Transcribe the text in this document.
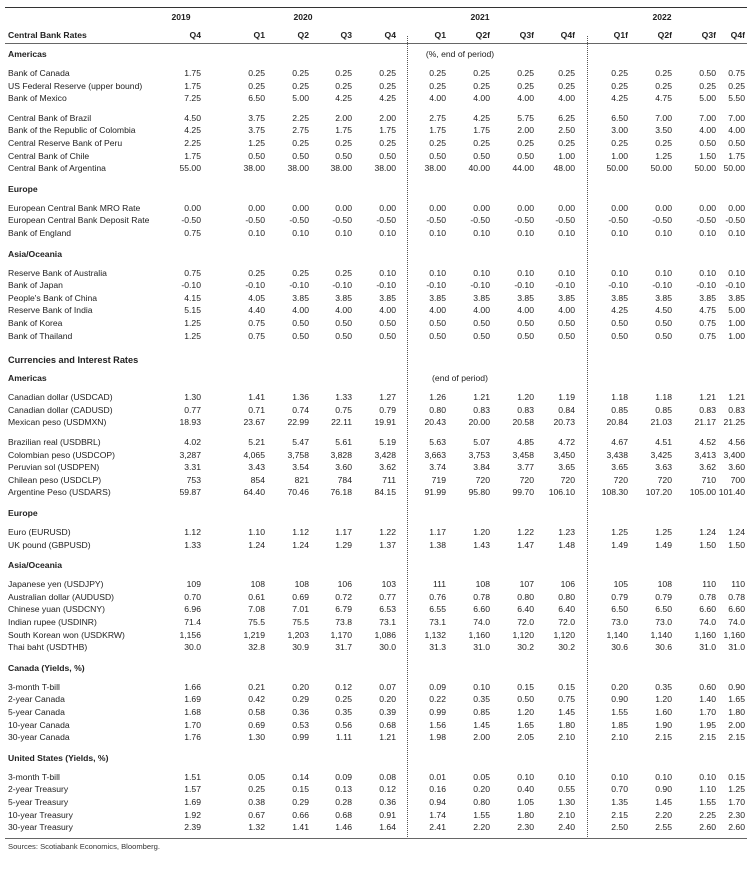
2019	2020	2021	2022
Central Bank Rates	Q4	Q1	Q2	Q3	Q4	Q1	Q2f	Q3f	Q4f	Q1f	Q2f	Q3f	Q4f
Americas	(%, end of period)
Bank of Canada	1.75	0.25	0.25	0.25	0.25	0.25	0.25	0.25	0.25	0.25	0.25	0.50	0.75
US Federal Reserve (upper bound)	1.75	0.25	0.25	0.25	0.25	0.25	0.25	0.25	0.25	0.25	0.25	0.25	0.25
Bank of Mexico	7.25	6.50	5.00	4.25	4.25	4.00	4.00	4.00	4.00	4.25	4.75	5.00	5.50
Central Bank of Brazil	4.50	3.75	2.25	2.00	2.00	2.75	4.25	5.75	6.25	6.50	7.00	7.00	7.00
Bank of the Republic of Colombia	4.25	3.75	2.75	1.75	1.75	1.75	1.75	2.00	2.50	3.00	3.50	4.00	4.00
Central Reserve Bank of Peru	2.25	1.25	0.25	0.25	0.25	0.25	0.25	0.25	0.25	0.25	0.25	0.50	0.50
Central Bank of Chile	1.75	0.50	0.50	0.50	0.50	0.50	0.50	0.50	1.00	1.00	1.25	1.50	1.75
Central Bank of Argentina	55.00	38.00	38.00	38.00	38.00	38.00	40.00	44.00	48.00	50.00	50.00	50.00 50.00
Europe
European Central Bank MRO Rate	0.00	0.00	0.00	0.00	0.00	0.00	0.00	0.00	0.00	0.00	0.00	0.00	0.00
European Central Bank Deposit Rate	-0.50	-0.50	-0.50	-0.50	-0.50	-0.50	-0.50	-0.50	-0.50	-0.50	-0.50	-0.50	-0.50
Bank of England	0.75	0.10	0.10	0.10	0.10	0.10	0.10	0.10	0.10	0.10	0.10	0.10	0.10
Asia/Oceania
Reserve Bank of Australia	0.75	0.25	0.25	0.25	0.10	0.10	0.10	0.10	0.10	0.10	0.10	0.10	0.10
Bank of Japan	-0.10	-0.10	-0.10	-0.10	-0.10	-0.10	-0.10	-0.10	-0.10	-0.10	-0.10	-0.10	-0.10
People's Bank of China	4.15	4.05	3.85	3.85	3.85	3.85	3.85	3.85	3.85	3.85	3.85	3.85	3.85
Reserve Bank of India	5.15	4.40	4.00	4.00	4.00	4.00	4.00	4.00	4.00	4.25	4.50	4.75	5.00
Bank of Korea	1.25	0.75	0.50	0.50	0.50	0.50	0.50	0.50	0.50	0.50	0.50	0.75	1.00
Bank of Thailand	1.25	0.75	0.50	0.50	0.50	0.50	0.50	0.50	0.50	0.50	0.50	0.75	1.00
Currencies and Interest Rates
Americas	(end of period)
Canadian dollar (USDCAD)	1.30	1.41	1.36	1.33	1.27	1.26	1.21	1.20	1.19	1.18	1.18	1.21	1.21
Canadian dollar (CADUSD)	0.77	0.71	0.74	0.75	0.79	0.80	0.83	0.83	0.84	0.85	0.85	0.83	0.83
Mexican peso (USDMXN)	18.93	23.67	22.99	22.11	19.91	20.43	20.00	20.58	20.73	20.84	21.03	21.17 21.25
Brazilian real (USDBRL)	4.02	5.21	5.47	5.61	5.19	5.63	5.07	4.85	4.72	4.67	4.51	4.52	4.56
Colombian peso (USDCOP)	3,287	4,065	3,758	3,828	3,428	3,663	3,753	3,458	3,450	3,438	3,425	3,413 3,400
Peruvian sol (USDPEN)	3.31	3.43	3.54	3.60	3.62	3.74	3.84	3.77	3.65	3.65	3.63	3.62	3.60
Chilean peso (USDCLP)	753	854	821	784	711	719	720	720	720	720	720	710	700
Argentine Peso (USDARS)	59.87	64.40	70.46	76.18	84.15	91.99	95.80	99.70	106.10	108.30	107.20	105.00 101.40
Europe
Euro (EURUSD)	1.12	1.10	1.12	1.17	1.22	1.17	1.20	1.22	1.23	1.25	1.25	1.24	1.24
UK pound (GBPUSD)	1.33	1.24	1.24	1.29	1.37	1.38	1.43	1.47	1.48	1.49	1.49	1.50	1.50
Asia/Oceania
Japanese yen (USDJPY)	109	108	108	106	103	111	108	107	106	105	108	110	110
Australian dollar (AUDUSD)	0.70	0.61	0.69	0.72	0.77	0.76	0.78	0.80	0.80	0.79	0.79	0.78	0.78
Chinese yuan (USDCNY)	6.96	7.08	7.01	6.79	6.53	6.55	6.60	6.40	6.40	6.50	6.50	6.60	6.60
Indian rupee (USDINR)	71.4	75.5	75.5	73.8	73.1	73.1	74.0	72.0	72.0	73.0	73.0	74.0	74.0
South Korean won (USDKRW)	1,156	1,219	1,203	1,170	1,086	1,132	1,160	1,120	1,120	1,140	1,140	1,160 1,160
Thai baht (USDTHB)	30.0	32.8	30.9	31.7	30.0	31.3	31.0	30.2	30.2	30.6	30.6	31.0	31.0
Canada (Yields, %)
3-month T-bill	1.66	0.21	0.20	0.12	0.07	0.09	0.10	0.15	0.15	0.20	0.35	0.60	0.90
2-year Canada	1.69	0.42	0.29	0.25	0.20	0.22	0.35	0.50	0.75	0.90	1.20	1.40	1.65
5-year Canada	1.68	0.58	0.36	0.35	0.39	0.99	0.85	1.20	1.45	1.55	1.60	1.70	1.80
10-year Canada	1.70	0.69	0.53	0.56	0.68	1.56	1.45	1.65	1.80	1.85	1.90	1.95	2.00
30-year Canada	1.76	1.30	0.99	1.11	1.21	1.98	2.00	2.05	2.10	2.10	2.15	2.15	2.15
United States (Yields, %)
3-month T-bill	1.51	0.05	0.14	0.09	0.08	0.01	0.05	0.10	0.10	0.10	0.10	0.10	0.15
2-year Treasury	1.57	0.25	0.15	0.13	0.12	0.16	0.20	0.40	0.55	0.70	0.90	1.10	1.25
5-year Treasury	1.69	0.38	0.29	0.28	0.36	0.94	0.80	1.05	1.30	1.35	1.45	1.55	1.70
10-year Treasury	1.92	0.67	0.66	0.68	0.91	1.74	1.55	1.80	2.10	2.15	2.20	2.25	2.30
30-year Treasury	2.39	1.32	1.41	1.46	1.64	2.41	2.20	2.30	2.40	2.50	2.55	2.60	2.60
Sources: Scotiabank Economics, Bloomberg.
